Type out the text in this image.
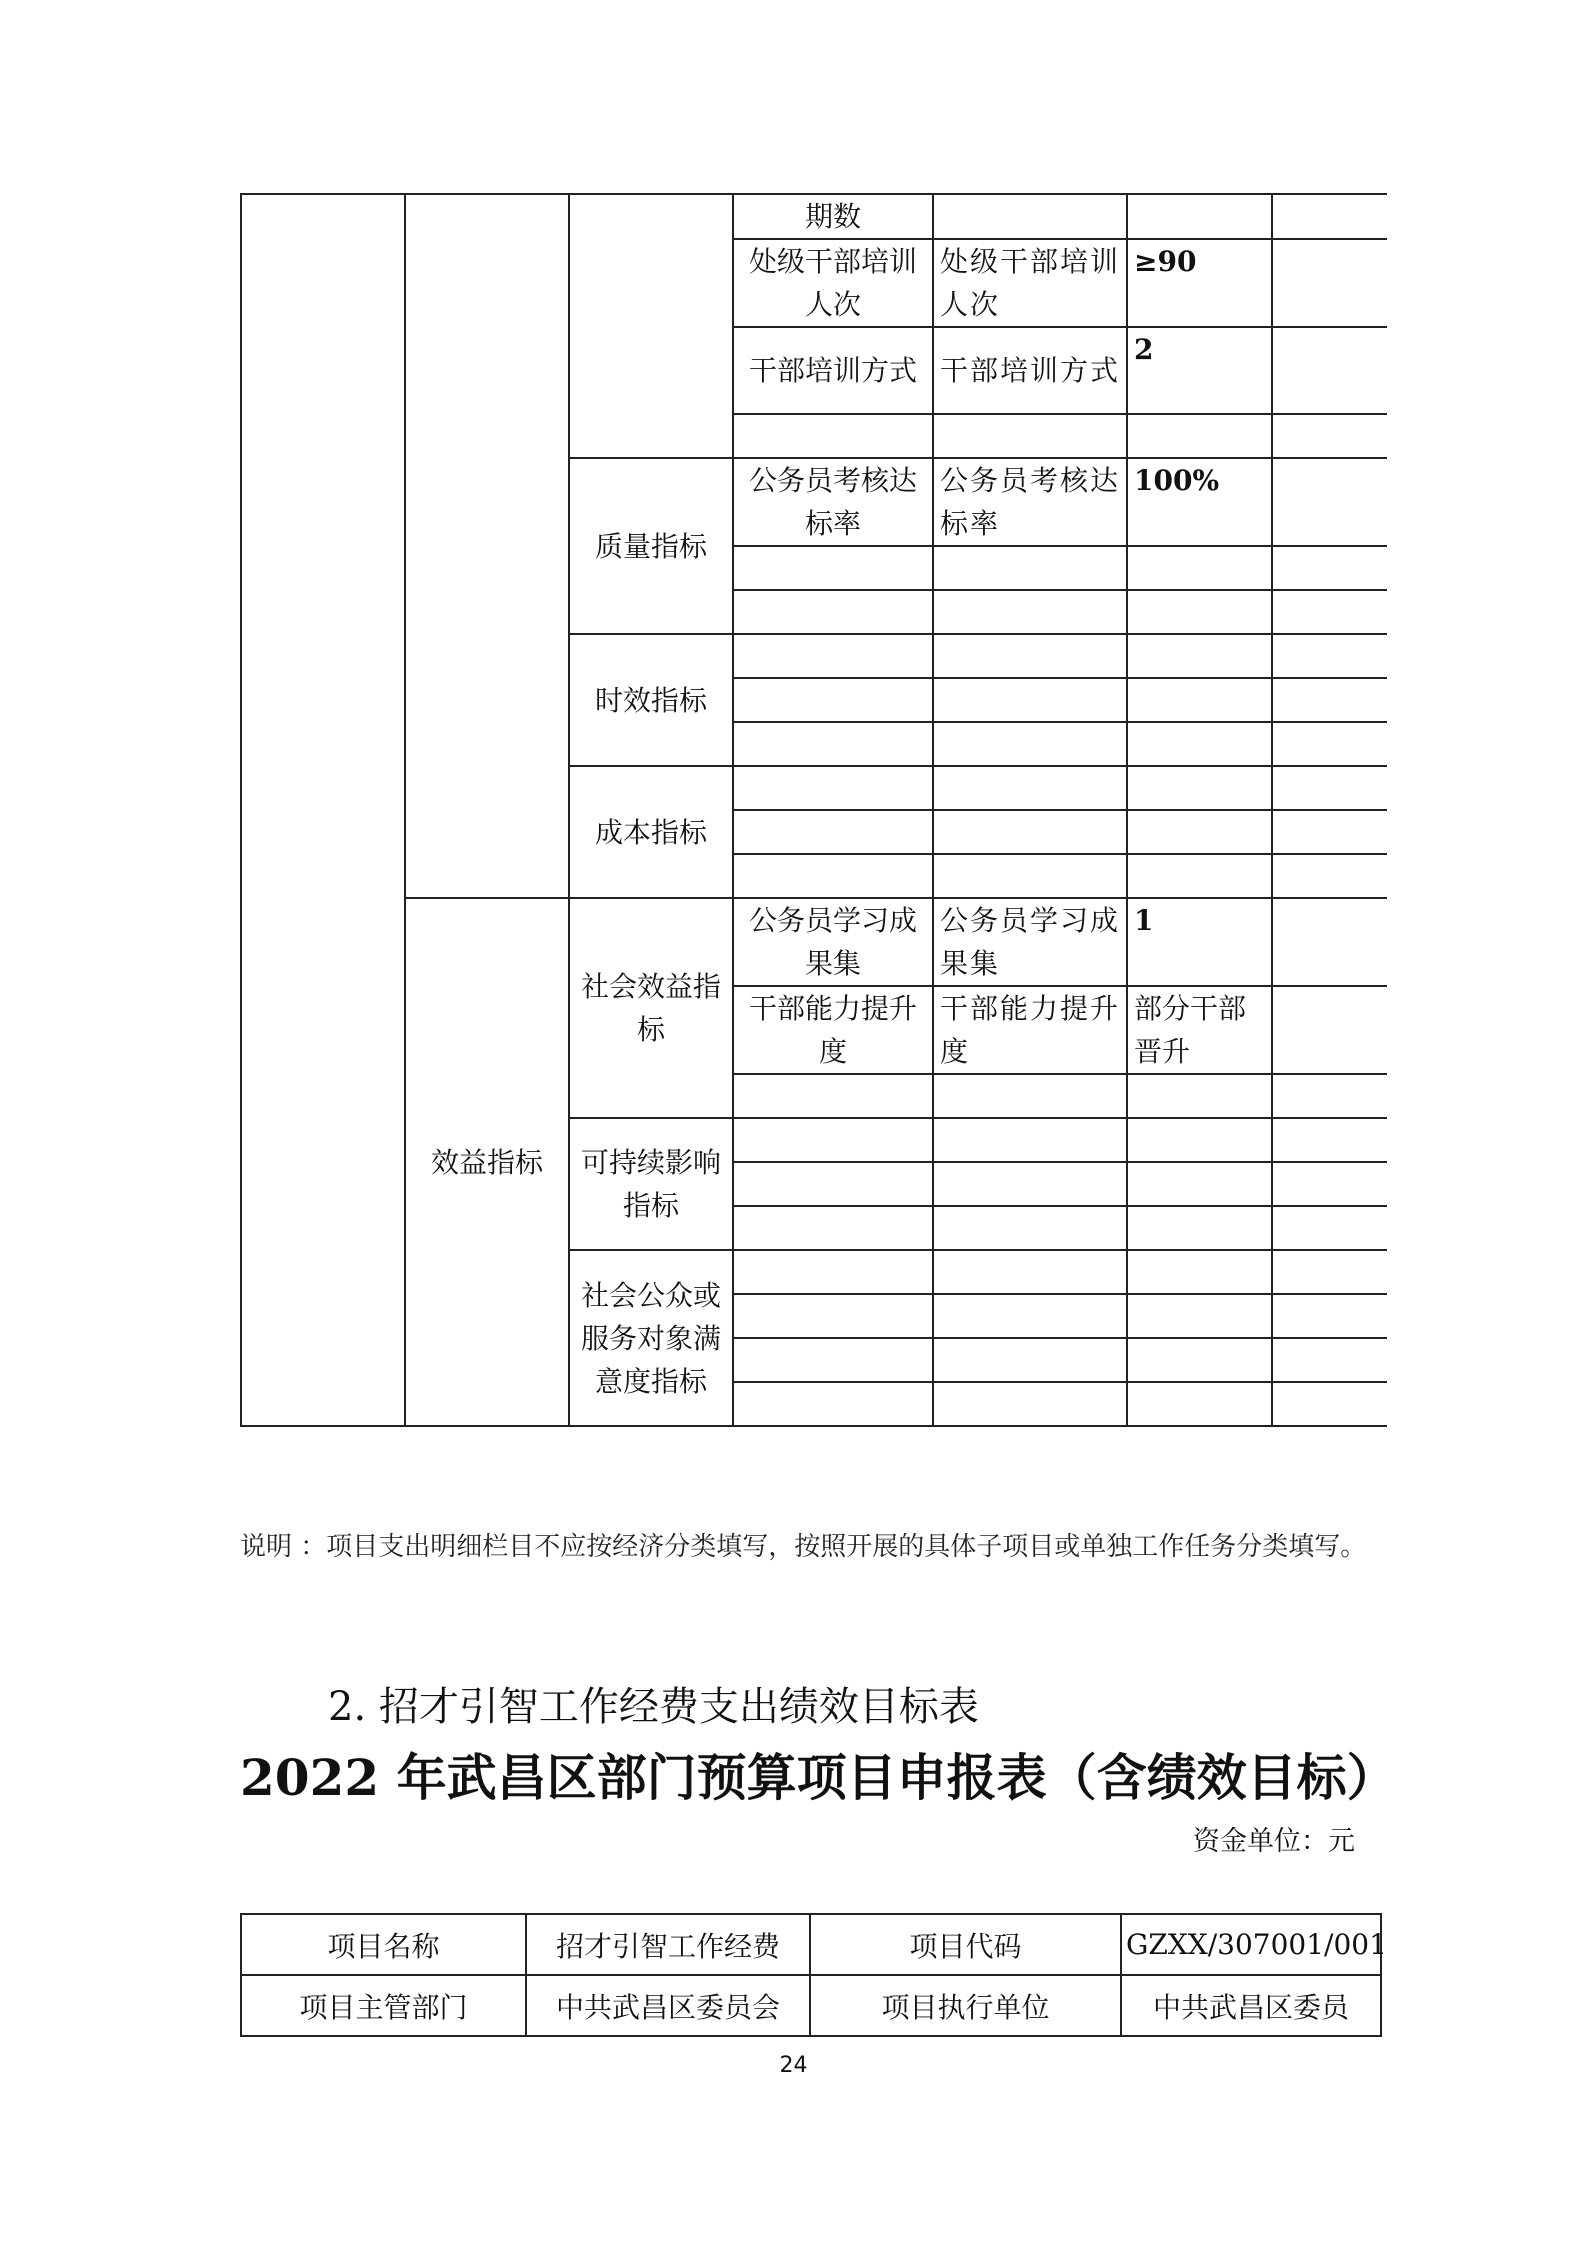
			期数			
			处级干部培训人次	处级干部培训人次	≥90	
			干部培训方式	干部培训方式	2	

		质量指标	公务员考核达标率	公务员考核达标率	100%	

		时效指标				

		成本指标				

	效益指标	社会效益指标	公务员学习成果集	公务员学习成果集	1	
			干部能力提升度	干部能力提升度	部分干部晋升	

		可持续影响指标				

		社会公众或服务对象满意度指标				

说明 ：项目支出明细栏目不应按经济分类填写，按照开展的具体子项目或单独工作任务分类填写。
2. 招才引智工作经费支出绩效目标表
2022 年武昌区部门预算项目申报表（含绩效目标）
资金单位：元
项目名称	招才引智工作经费	项目代码	GZXX/307001/001
项目主管部门	中共武昌区委员会	项目执行单位	中共武昌区委员
24
